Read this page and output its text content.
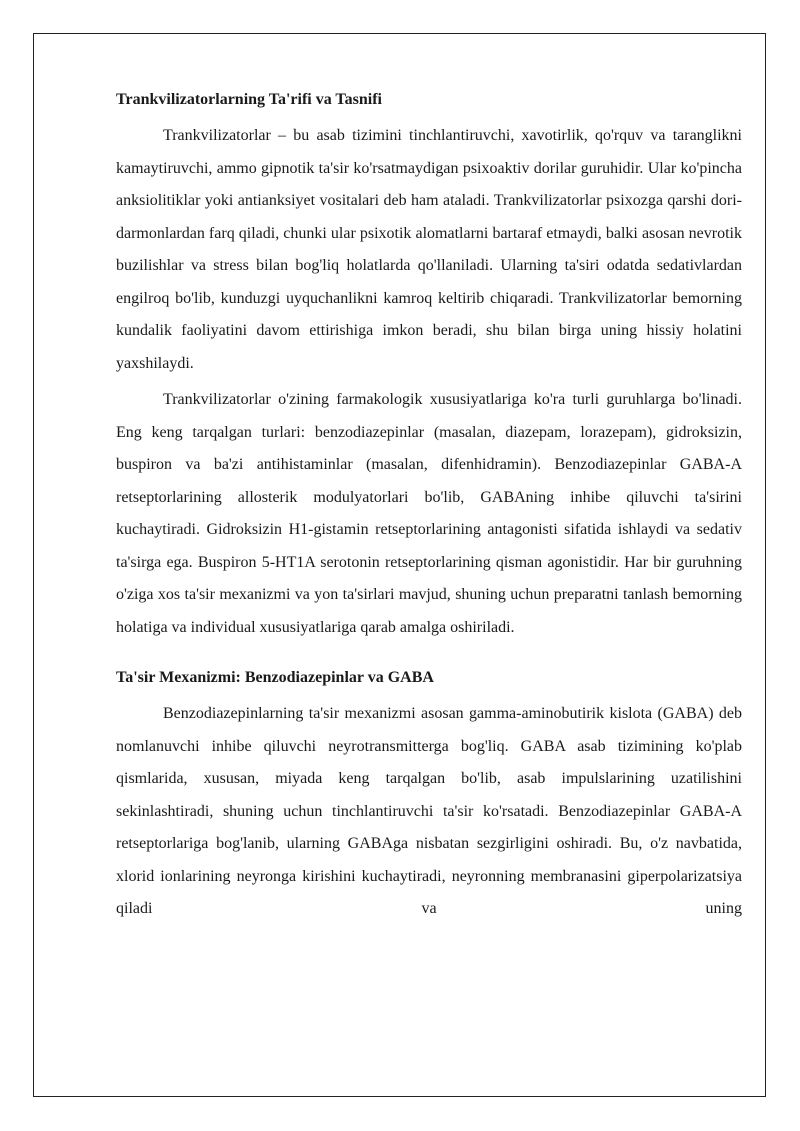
Trankvilizatorlarning Ta'rifi va Tasnifi

Trankvilizatorlar – bu asab tizimini tinchlantiruvchi, xavotirlik, qo'rquv va taranglikni kamaytiruvchi, ammo gipnotik ta'sir ko'rsatmaydigan psixoaktiv dorilar guruhidir. Ular ko'pincha anksiolitiklar yoki antianksiyet vositalari deb ham ataladi. Trankvilizatorlar psixozga qarshi dori-darmonlardan farq qiladi, chunki ular psixotik alomatlarni bartaraf etmaydi, balki asosan nevrotik buzilishlar va stress bilan bog'liq holatlarda qo'llaniladi. Ularning ta'siri odatda sedativlardan engilroq bo'lib, kunduzgi uyquchanlikni kamroq keltirib chiqaradi. Trankvilizatorlar bemorning kundalik faoliyatini davom ettirishiga imkon beradi, shu bilan birga uning hissiy holatini yaxshilaydi.

Trankvilizatorlar o'zining farmakologik xususiyatlariga ko'ra turli guruhlarga bo'linadi. Eng keng tarqalgan turlari: benzodiazepinlar (masalan, diazepam, lorazepam), gidroksizin, buspiron va ba'zi antihistaminlar (masalan, difenhidramin). Benzodiazepinlar GABA-A retseptorlarining allosterik modulyatorlari bo'lib, GABAning inhibe qiluvchi ta'sirini kuchaytiradi. Gidroksizin H1-gistamin retseptorlarining antagonisti sifatida ishlaydi va sedativ ta'sirga ega. Buspiron 5-HT1A serotonin retseptorlarining qisman agonistidir. Har bir guruhning o'ziga xos ta'sir mexanizmi va yon ta'sirlari mavjud, shuning uchun preparatni tanlash bemorning holatiga va individual xususiyatlariga qarab amalga oshiriladi.

Ta'sir Mexanizmi: Benzodiazepinlar va GABA

Benzodiazepinlarning ta'sir mexanizmi asosan gamma-aminobutirik kislota (GABA) deb nomlanuvchi inhibe qiluvchi neyrotransmitterga bog'liq. GABA asab tizimining ko'plab qismlarida, xususan, miyada keng tarqalgan bo'lib, asab impulslarining uzatilishini sekinlashtiradi, shuning uchun tinchlantiruvchi ta'sir ko'rsatadi. Benzodiazepinlar GABA-A retseptorlariga bog'lanib, ularning GABAga nisbatan sezgirligini oshiradi. Bu, o'z navbatida, xlorid ionlarining neyronga kirishini kuchaytiradi, neyronning membranasini giperpolarizatsiya qiladi va uning
